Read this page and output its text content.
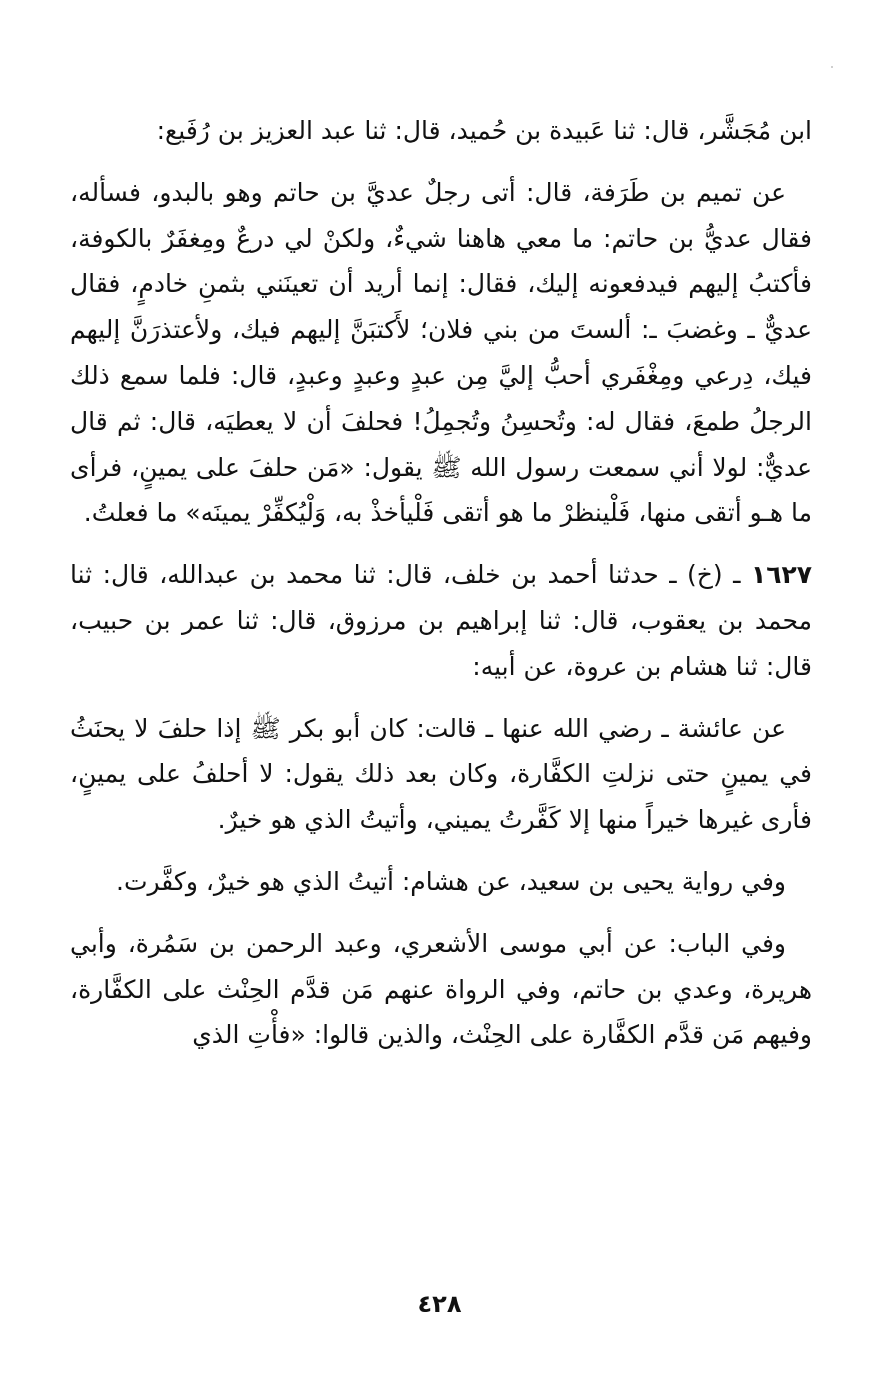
ابن مُجَشَّر، قال: ثنا عَبيدة بن حُميد، قال: ثنا عبد العزيز بن رُفَيع:

عن تميم بن طَرَفة، قال: أتى رجلٌ عديَّ بن حاتم وهو بالبدو، فسأله، فقال عديُّ بن حاتم: ما معي هاهنا شيءٌ، ولكنْ لي درعٌ ومِغفَرٌ بالكوفة، فأكتبُ إليهم فيدفعونه إليك، فقال: إنما أريد أن تعينَني بثمنِ خادمٍ، فقال عديٌّ ـ وغضبَ ـ: ألستَ من بني فلان؛ لأَكتبَنَّ إليهم فيك، ولأعتذرَنَّ إليهم فيك، دِرعي ومِغْفَري أحبُّ إليَّ مِن عبدٍ وعبدٍ وعبدٍ، قال: فلما سمع ذلك الرجلُ طمعَ، فقال له: وتُحسِنُ وتُجمِلُ! فحلفَ أن لا يعطيَه، قال: ثم قال عديٌّ: لولا أني سمعت رسول الله ﷺ يقول: «مَن حلفَ على يمينٍ، فرأى ما هـو أتقى منها، فَلْينظرْ ما هو أتقى فَلْيأخذْ به، وَلْيُكفِّرْ يمينَه» ما فعلتُ.

١٦٢٧ ـ (خ) ـ حدثنا أحمد بن خلف، قال: ثنا محمد بن عبدالله، قال: ثنا محمد بن يعقوب، قال: ثنا إبراهيم بن مرزوق، قال: ثنا عمر بن حبيب، قال: ثنا هشام بن عروة، عن أبيه:

عن عائشة ـ رضي الله عنها ـ قالت: كان أبو بكر ﷺ إذا حلفَ لا يحنَثُ في يمينٍ حتى نزلتِ الكفَّارة، وكان بعد ذلك يقول: لا أحلفُ على يمينٍ، فأرى غيرها خيراً منها إلا كَفَّرتُ يميني، وأتيتُ الذي هو خيرٌ.

وفي رواية يحيى بن سعيد، عن هشام: أتيتُ الذي هو خيرٌ، وكفَّرت.

وفي الباب: عن أبي موسى الأشعري، وعبد الرحمن بن سَمُرة، وأبي هريرة، وعدي بن حاتم، وفي الرواة عنهم مَن قدَّم الحِنْث على الكفَّارة، وفيهم مَن قدَّم الكفَّارة على الحِنْث، والذين قالوا: «فأْتِ الذي

٤٢٨
